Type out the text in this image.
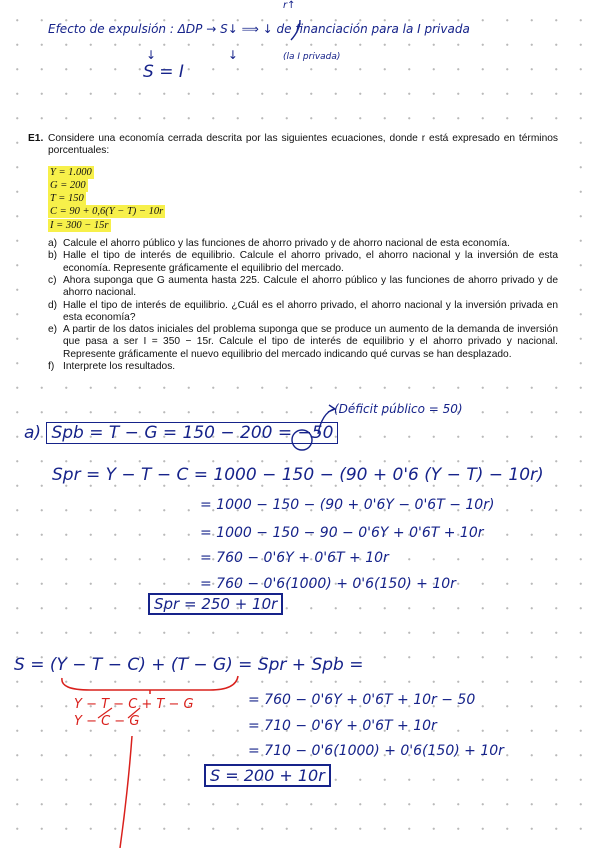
Efecto de expulsión : ΔDP → S↓ ⟹ ↓ de financiación para la I privada
(la I privada)
r↑
↓ ↓
S = I
E1. Considere una economía cerrada descrita por las siguientes ecuaciones, donde r está expresado en términos porcentuales:
Y = 1.000
G = 200
T = 150
C = 90 + 0,6(Y − T) − 10r
I = 300 − 15r
a) Calcule el ahorro público y las funciones de ahorro privado y de ahorro nacional de esta economía.
b) Halle el tipo de interés de equilibrio. Calcule el ahorro privado, el ahorro nacional y la inversión de esta economía. Represente gráficamente el equilibrio del mercado.
c) Ahora suponga que G aumenta hasta 225. Calcule el ahorro público y las funciones de ahorro privado y de ahorro nacional.
d) Halle el tipo de interés de equilibrio. ¿Cuál es el ahorro privado, el ahorro nacional y la inversión privada en esta economía?
e) A partir de los datos iniciales del problema suponga que se produce un aumento de la demanda de inversión que pasa a ser I = 350 − 15r. Calcule el tipo de interés de equilibrio y el ahorro privado y nacional. Represente gráficamente el nuevo equilibrio del mercado indicando qué curvas se han desplazado.
f) Interprete los resultados.
(Déficit público = 50)
a) Spb = T − G = 150 − 200 = −50
Spr = Y − T − C = 1000 − 150 − (90 + 0'6 (Y − T) − 10r)
= 1000 − 150 − (90 + 0'6Y − 0'6T − 10r)
= 1000 − 150 − 90 − 0'6Y + 0'6T + 10r
= 760 − 0'6Y + 0'6T + 10r
= 760 − 0'6(1000) + 0'6(150) + 10r
Spr = 250 + 10r
S = (Y − T − C) + (T − G) = Spr + Spb =
= 760 − 0'6Y + 0'6T + 10r − 50
= 710 − 0'6Y + 0'6T + 10r
= 710 − 0'6(1000) + 0'6(150) + 10r
S = 200 + 10r
Y − T − C + T − G
Y − C − G
